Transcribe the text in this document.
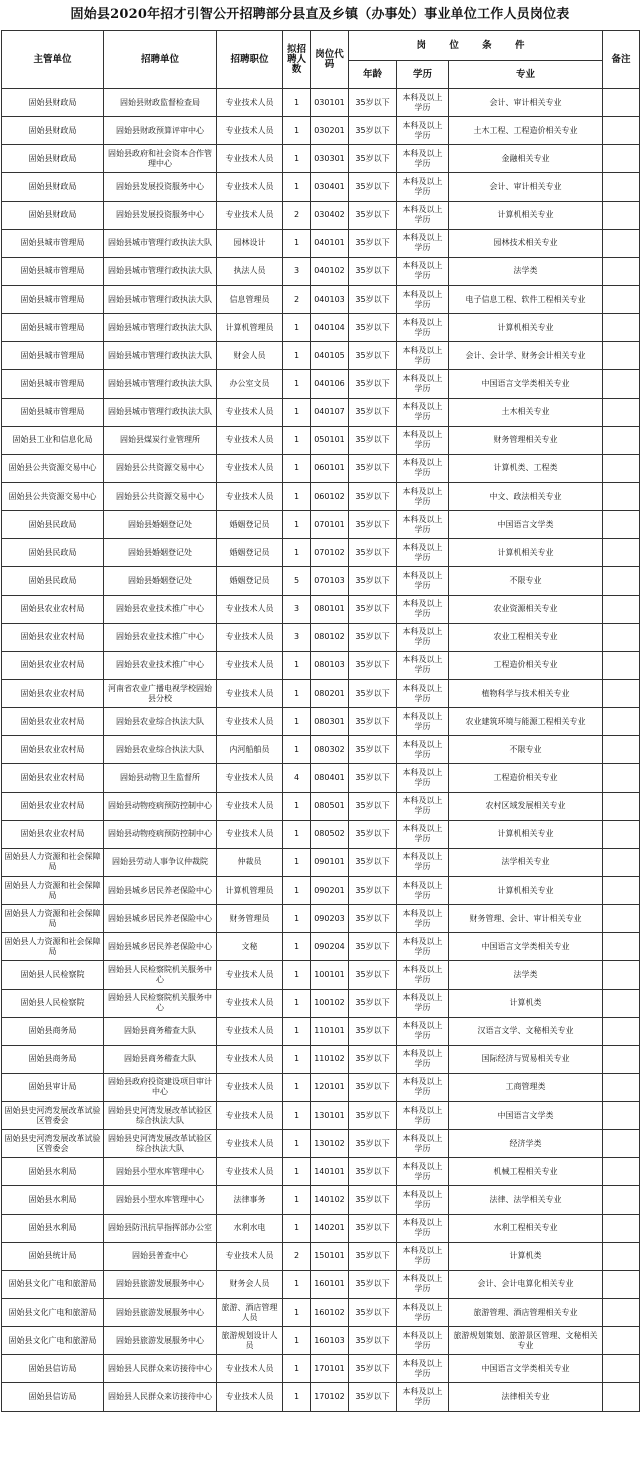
固始县2020年招才引智公开招聘部分县直及乡镇（办事处）事业单位工作人员岗位表
主管单位	招聘单位	招聘职位	拟招聘人数	岗位代码	岗 位 条 件			备注
					年龄	学历	专业	
固始县财政局	固始县财政监督检查局	专业技术人员	1	030101	35岁以下	本科及以上学历	会计、审计相关专业	
固始县财政局	固始县财政预算评审中心	专业技术人员	1	030201	35岁以下	本科及以上学历	土木工程、工程造价相关专业	
固始县财政局	固始县政府和社会资本合作管理中心	专业技术人员	1	030301	35岁以下	本科及以上学历	金融相关专业	
固始县财政局	固始县发展投资服务中心	专业技术人员	1	030401	35岁以下	本科及以上学历	会计、审计相关专业	
固始县财政局	固始县发展投资服务中心	专业技术人员	2	030402	35岁以下	本科及以上学历	计算机相关专业	
固始县城市管理局	固始县城市管理行政执法大队	园林设计	1	040101	35岁以下	本科及以上学历	园林技术相关专业	
固始县城市管理局	固始县城市管理行政执法大队	执法人员	3	040102	35岁以下	本科及以上学历	法学类	
固始县城市管理局	固始县城市管理行政执法大队	信息管理员	2	040103	35岁以下	本科及以上学历	电子信息工程、软件工程相关专业	
固始县城市管理局	固始县城市管理行政执法大队	计算机管理员	1	040104	35岁以下	本科及以上学历	计算机相关专业	
固始县城市管理局	固始县城市管理行政执法大队	财会人员	1	040105	35岁以下	本科及以上学历	会计、会计学、财务会计相关专业	
固始县城市管理局	固始县城市管理行政执法大队	办公室文员	1	040106	35岁以下	本科及以上学历	中国语言文学类相关专业	
固始县城市管理局	固始县城市管理行政执法大队	专业技术人员	1	040107	35岁以下	本科及以上学历	土木相关专业	
固始县工业和信息化局	固始县煤炭行业管理所	专业技术人员	1	050101	35岁以下	本科及以上学历	财务管理相关专业	
固始县公共资源交易中心	固始县公共资源交易中心	专业技术人员	1	060101	35岁以下	本科及以上学历	计算机类、工程类	
固始县公共资源交易中心	固始县公共资源交易中心	专业技术人员	1	060102	35岁以下	本科及以上学历	中文、政法相关专业	
固始县民政局	固始县婚姻登记处	婚姻登记员	1	070101	35岁以下	本科及以上学历	中国语言文学类	
固始县民政局	固始县婚姻登记处	婚姻登记员	1	070102	35岁以下	本科及以上学历	计算机相关专业	
固始县民政局	固始县婚姻登记处	婚姻登记员	5	070103	35岁以下	本科及以上学历	不限专业	
固始县农业农村局	固始县农业技术推广中心	专业技术人员	3	080101	35岁以下	本科及以上学历	农业资源相关专业	
固始县农业农村局	固始县农业技术推广中心	专业技术人员	3	080102	35岁以下	本科及以上学历	农业工程相关专业	
固始县农业农村局	固始县农业技术推广中心	专业技术人员	1	080103	35岁以下	本科及以上学历	工程造价相关专业	
固始县农业农村局	河南省农业广播电视学校固始县分校	专业技术人员	1	080201	35岁以下	本科及以上学历	植物科学与技术相关专业	
固始县农业农村局	固始县农业综合执法大队	专业技术人员	1	080301	35岁以下	本科及以上学历	农业建筑环境与能源工程相关专业	
固始县农业农村局	固始县农业综合执法大队	内河船舶员	1	080302	35岁以下	本科及以上学历	不限专业	
固始县农业农村局	固始县动物卫生监督所	专业技术人员	4	080401	35岁以下	本科及以上学历	工程造价相关专业	
固始县农业农村局	固始县动物疫病预防控制中心	专业技术人员	1	080501	35岁以下	本科及以上学历	农村区域发展相关专业	
固始县农业农村局	固始县动物疫病预防控制中心	专业技术人员	1	080502	35岁以下	本科及以上学历	计算机相关专业	
固始县人力资源和社会保障局	固始县劳动人事争议仲裁院	仲裁员	1	090101	35岁以下	本科及以上学历	法学相关专业	
固始县人力资源和社会保障局	固始县城乡居民养老保险中心	计算机管理员	1	090201	35岁以下	本科及以上学历	计算机相关专业	
固始县人力资源和社会保障局	固始县城乡居民养老保险中心	财务管理员	1	090203	35岁以下	本科及以上学历	财务管理、会计、审计相关专业	
固始县人力资源和社会保障局	固始县城乡居民养老保险中心	文秘	1	090204	35岁以下	本科及以上学历	中国语言文学类相关专业	
固始县人民检察院	固始县人民检察院机关服务中心	专业技术人员	1	100101	35岁以下	本科及以上学历	法学类	
固始县人民检察院	固始县人民检察院机关服务中心	专业技术人员	1	100102	35岁以下	本科及以上学历	计算机类	
固始县商务局	固始县商务稽查大队	专业技术人员	1	110101	35岁以下	本科及以上学历	汉语言文学、文秘相关专业	
固始县商务局	固始县商务稽查大队	专业技术人员	1	110102	35岁以下	本科及以上学历	国际经济与贸易相关专业	
固始县审计局	固始县政府投资建设项目审计中心	专业技术人员	1	120101	35岁以下	本科及以上学历	工商管理类	
固始县史河湾发展改革试验区管委会	固始县史河湾发展改革试验区综合执法大队	专业技术人员	1	130101	35岁以下	本科及以上学历	中国语言文学类	
固始县史河湾发展改革试验区管委会	固始县史河湾发展改革试验区综合执法大队	专业技术人员	1	130102	35岁以下	本科及以上学历	经济学类	
固始县水利局	固始县小型水库管理中心	专业技术人员	1	140101	35岁以下	本科及以上学历	机械工程相关专业	
固始县水利局	固始县小型水库管理中心	法律事务	1	140102	35岁以下	本科及以上学历	法律、法学相关专业	
固始县水利局	固始县防汛抗旱指挥部办公室	水利水电	1	140201	35岁以下	本科及以上学历	水利工程相关专业	
固始县统计局	固始县普查中心	专业技术人员	2	150101	35岁以下	本科及以上学历	计算机类	
固始县文化广电和旅游局	固始县旅游发展服务中心	财务会人员	1	160101	35岁以下	本科及以上学历	会计、会计电算化相关专业	
固始县文化广电和旅游局	固始县旅游发展服务中心	旅游、酒店管理人员	1	160102	35岁以下	本科及以上学历	旅游管理、酒店管理相关专业	
固始县文化广电和旅游局	固始县旅游发展服务中心	旅游规划设计人员	1	160103	35岁以下	本科及以上学历	旅游规划策划、旅游景区管理、文秘相关专业	
固始县信访局	固始县人民群众来访接待中心	专业技术人员	1	170101	35岁以下	本科及以上学历	中国语言文学类相关专业	
固始县信访局	固始县人民群众来访接待中心	专业技术人员	1	170102	35岁以下	本科及以上学历	法律相关专业	
